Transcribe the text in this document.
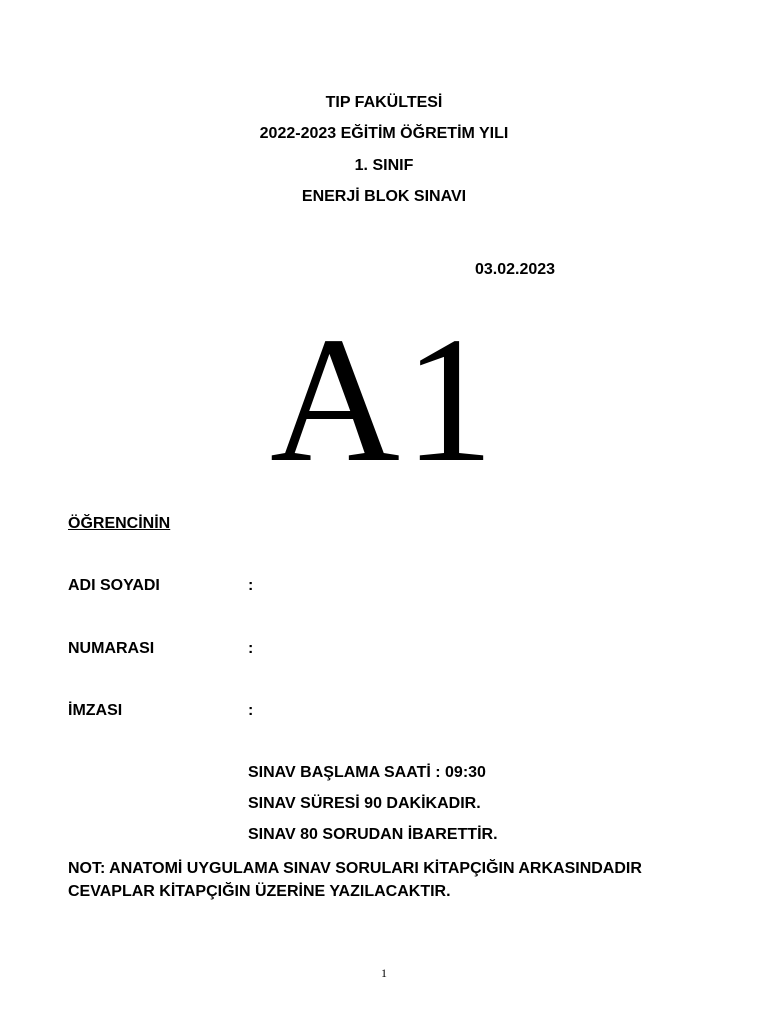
TIP FAKÜLTESİ
2022-2023 EĞİTİM ÖĞRETİM YILI
1. SINIF
ENERJİ BLOK SINAVI
03.02.2023
A1
ÖĞRENCİNİN
ADI SOYADI	:
NUMARASI	:
İMZASI	:
SINAV BAŞLAMA SAATİ : 09:30
SINAV SÜRESİ 90 DAKİKADIR.
SINAV 80 SORUDAN İBARETTİR.
NOT: ANATOMİ UYGULAMA SINAV SORULARI KİTAPÇIĞIN ARKASINDADIR CEVAPLAR KİTAPÇIĞIN ÜZERİNE YAZILACAKTIR.
1
